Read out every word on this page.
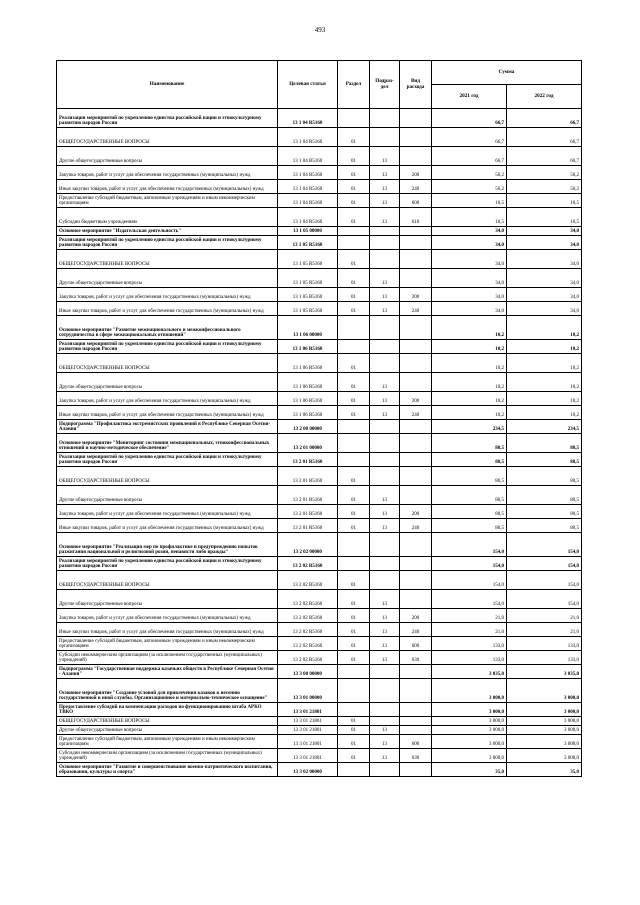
493
Наименование	Целевая статья	Раздел	Подраз-дел	Вид расхода	Сумма	
					2021 год	2022 год
Реализация мероприятий по укреплению единства российской нации и этнокультурному развитию народов России	13 1 04 R5160				66,7	66,7
ОБЩЕГОСУДАРСТВЕННЫЕ ВОПРОСЫ	13 1 04 R5160	01			66,7	66,7
Другие общегосударственные вопросы	13 1 04 R5160	01	13		66,7	66,7
Закупка товаров, работ и услуг для обеспечения государственных (муниципальных) нужд	13 1 04 R5160	01	13	200	56,2	56,2
Иные закупки товаров, работ и услуг для обеспечения государственных (муниципальных) нужд	13 1 04 R5160	01	13	240	56,2	56,2
Предоставление субсидий бюджетным, автономным учреждениям и иным некоммерческим организациям	13 1 04 R5160	01	13	600	10,5	10,5
Субсидии бюджетным учреждениям	13 1 04 R5160	01	13	610	10,5	10,5
Основное мероприятие "Издательская деятельность"	13 1 05 00000				34,0	34,0
Реализация мероприятий по укреплению единства российской нации и этнокультурному развитию народов России	13 1 05 R5160				34,0	34,0
ОБЩЕГОСУДАРСТВЕННЫЕ ВОПРОСЫ	13 1 05 R5160	01			34,0	34,0
Другие общегосударственные вопросы	13 1 05 R5160	01	13		34,0	34,0
Закупка товаров, работ и услуг для обеспечения государственных (муниципальных) нужд	13 1 05 R5160	01	13	200	34,0	34,0
Иные закупки товаров, работ и услуг для обеспечения государственных (муниципальных) нужд	13 1 05 R5160	01	13	240	34,0	34,0
Основное мероприятие "Развитие межнационального и межконфессионального сотрудничества в сфере межнациональных отношений"	13 1 06 00000				10,2	10,2
Реализация мероприятий по укреплению единства российской нации и этнокультурному развитию народов России	13 1 06 R5160				10,2	10,2
ОБЩЕГОСУДАРСТВЕННЫЕ ВОПРОСЫ	13 1 06 R5160	01			10,2	10,2
Другие общегосударственные вопросы	13 1 06 R5160	01	13		10,2	10,2
Закупка товаров, работ и услуг для обеспечения государственных (муниципальных) нужд	13 1 06 R5160	01	13	200	10,2	10,2
Иные закупки товаров, работ и услуг для обеспечения государственных (муниципальных) нужд	13 1 06 R5160	01	13	240	10,2	10,2
Подпрограмма "Профилактика экстремистских проявлений в Республике Северная Осетия-Алания"	13 2 00 00000				234,5	234,5
Основное мероприятие "Мониторинг состояния межнациональных, этноконфессиональных отношений и научно-методическое обеспечение"	13 2 01 00000				80,5	80,5
Реализация мероприятий по укреплению единства российской нации и этнокультурному развитию народов России	13 2 01 R5160				80,5	80,5
ОБЩЕГОСУДАРСТВЕННЫЕ ВОПРОСЫ	13 2 01 R5160	01			80,5	80,5
Другие общегосударственные вопросы	13 2 01 R5160	01	13		80,5	80,5
Закупка товаров, работ и услуг для обеспечения государственных (муниципальных) нужд	13 2 01 R5160	01	13	200	80,5	80,5
Иные закупки товаров, работ и услуг для обеспечения государственных (муниципальных) нужд	13 2 01 R5160	01	13	240	80,5	80,5
Основное мероприятие "Реализация мер по профилактике и предупреждению попыток разжигания национальной и религиозной розни, ненависти либо вражды"	13 2 02 00000				154,0	154,0
Реализация мероприятий по укреплению единства российской нации и этнокультурному развитию народов России	13 2 02 R5160				154,0	154,0
ОБЩЕГОСУДАРСТВЕННЫЕ ВОПРОСЫ	13 2 02 R5160	01			154,0	154,0
Другие общегосударственные вопросы	13 2 02 R5160	01	13		154,0	154,0
Закупка товаров, работ и услуг для обеспечения государственных (муниципальных) нужд	13 2 02 R5160	01	13	200	21,0	21,0
Иные закупки товаров, работ и услуг для обеспечения государственных (муниципальных) нужд	13 2 02 R5160	01	13	240	21,0	21,0
Предоставление субсидий бюджетным, автономным учреждениям и иным некоммерческим организациям	13 2 02 R5160	01	13	600	133,0	133,0
Субсидии некоммерческим организациям (за исключением государственных (муниципальных) учреждений)	13 2 02 R5160	01	13	630	133,0	133,0
Подпрограмма "Государственная поддержка казачьих обществ в Республике Северная Осетия - Алания"	13 3 00 00000				3 035,0	3 035,0
Основное мероприятие "Создание условий для привлечения казаков к несению государственной и иной службы. Организационное и материально-техническое оснащение"	13 3 01 00000				3 000,0	3 000,0
Предоставление субсидий на компенсацию расходов по функционированию штаба АРКО ТВКО	13 3 01 21801				3 000,0	3 000,0
ОБЩЕГОСУДАРСТВЕННЫЕ ВОПРОСЫ	13 3 01 21801	01			3 000,0	3 000,0
Другие общегосударственные вопросы	13 3 01 21801	01	13		3 000,0	3 000,0
Предоставление субсидий бюджетным, автономным учреждениям и иным некоммерческим организациям	13 3 01 21801	01	13	600	3 000,0	3 000,0
Субсидии некоммерческим организациям (за исключением государственных (муниципальных) учреждений)	13 3 01 21801	01	13	630	3 000,0	3 000,0
Основное мероприятие "Развитие и совершенствование военно-патриотического воспитания, образования, культуры и спорта"	13 3 02 00000				35,0	35,0
